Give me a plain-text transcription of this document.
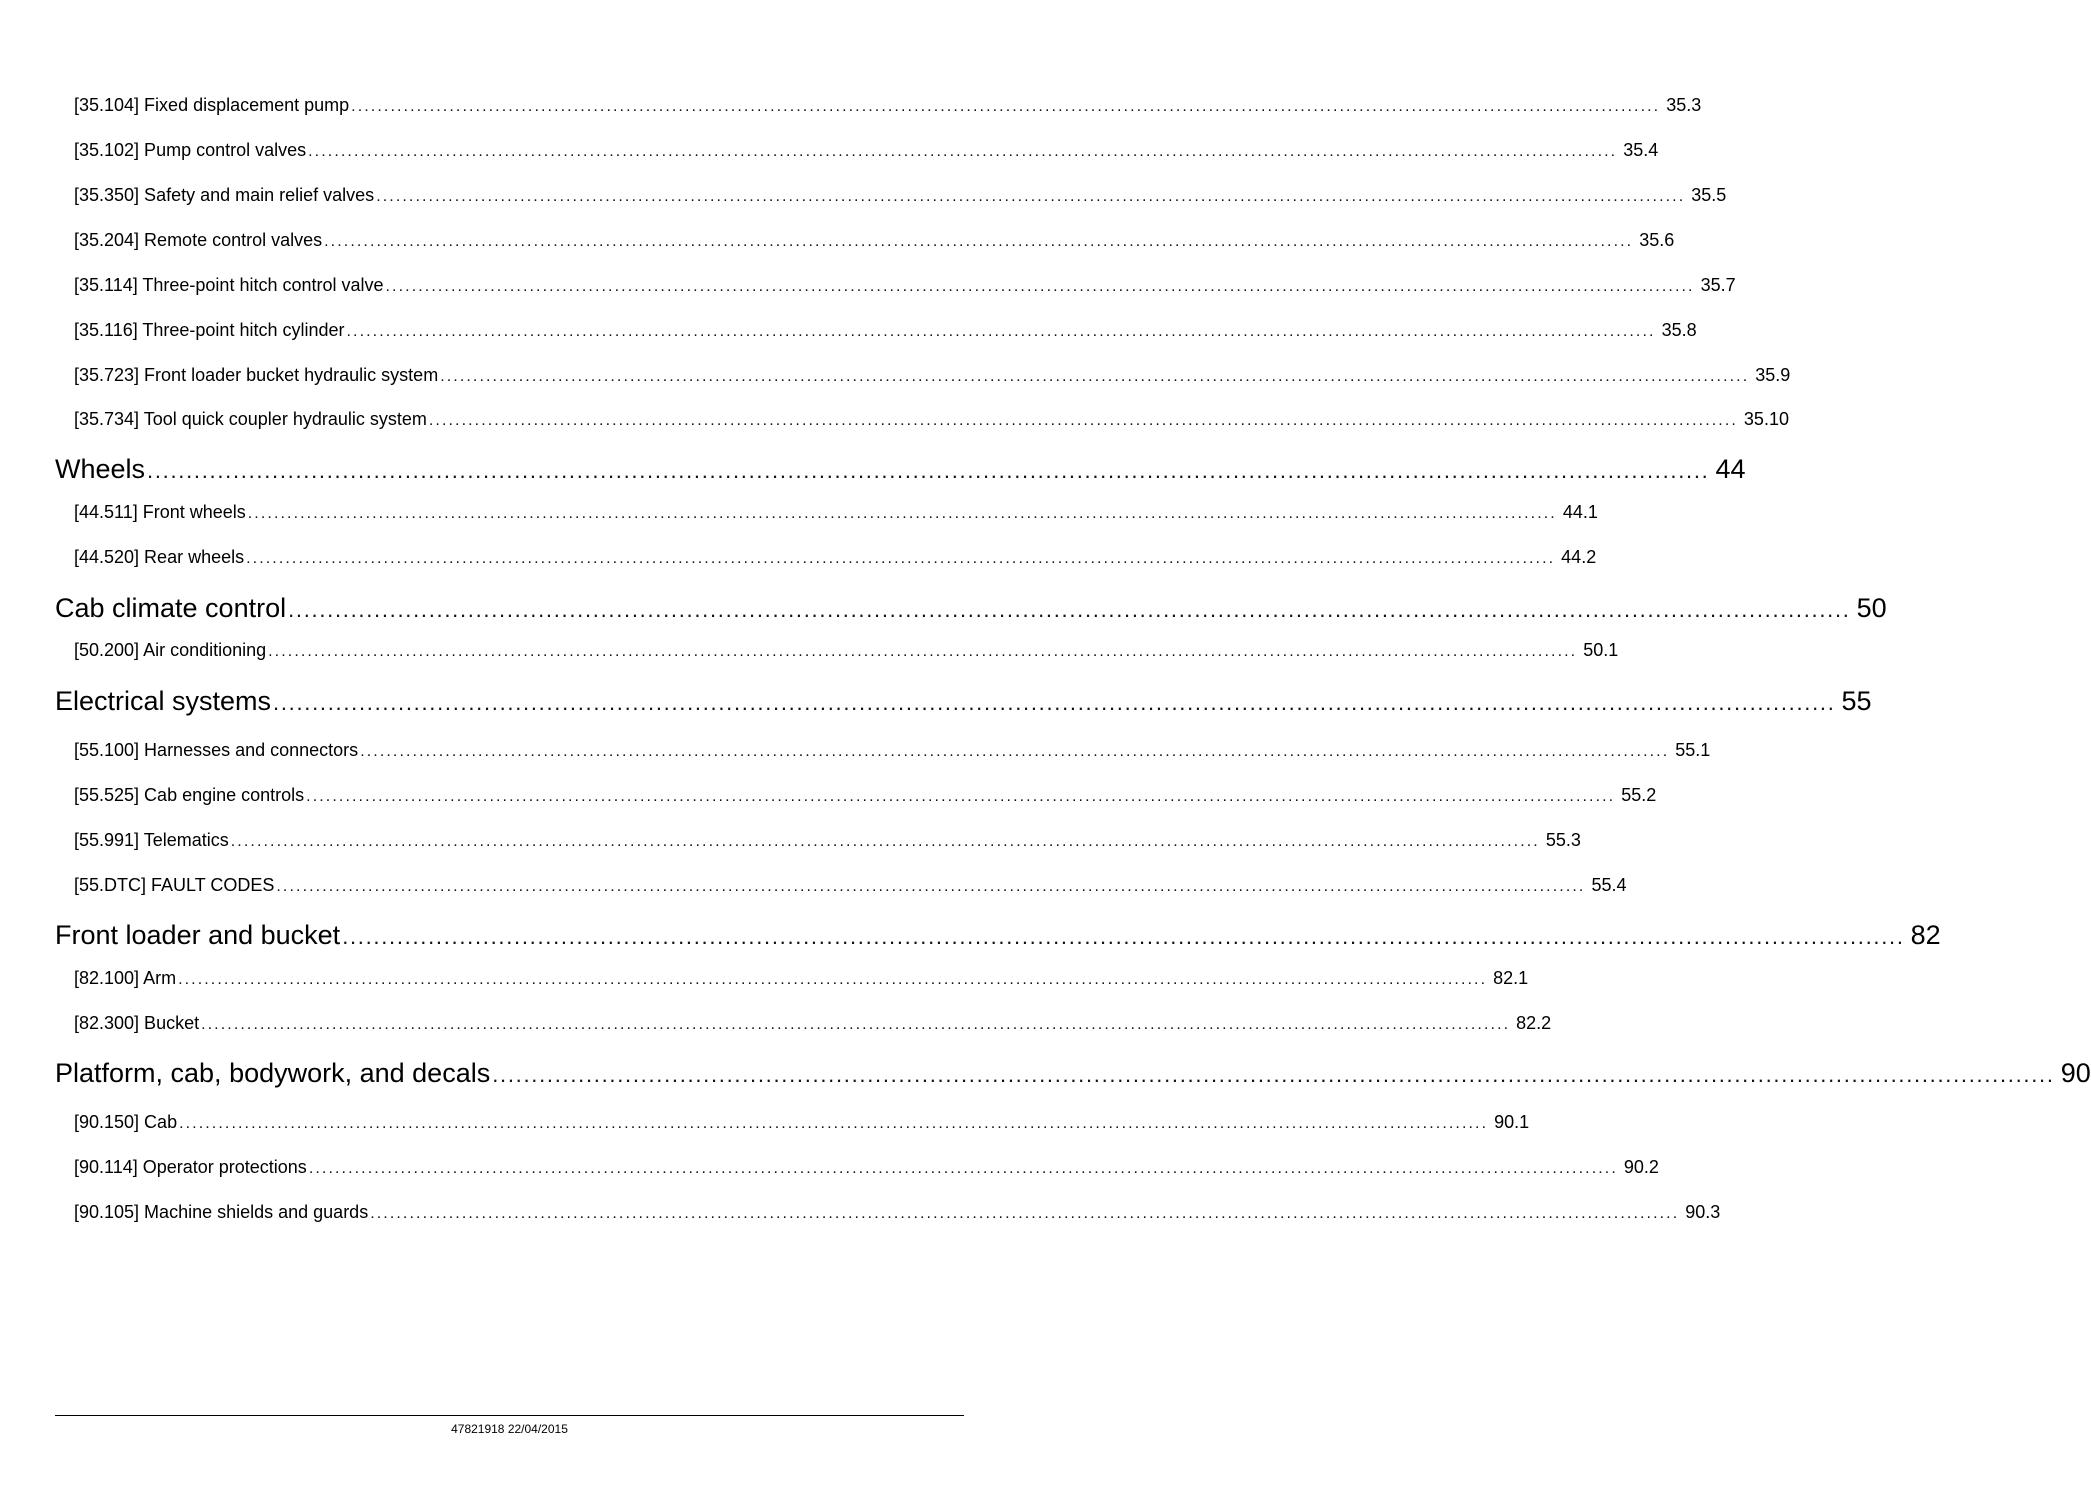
[35.104] Fixed displacement pump ........................................................................................................................................................................................................ 35.3
[35.102] Pump control valves ........................................................................................................................................................................................................ 35.4
[35.350] Safety and main relief valves ........................................................................................................................................................................................................ 35.5
[35.204] Remote control valves ........................................................................................................................................................................................................ 35.6
[35.114] Three-point hitch control valve ........................................................................................................................................................................................................ 35.7
[35.116] Three-point hitch cylinder ........................................................................................................................................................................................................ 35.8
[35.723] Front loader bucket hydraulic system ........................................................................................................................................................................................................ 35.9
[35.734] Tool quick coupler hydraulic system ........................................................................................................................................................................................................ 35.10
Wheels ........................................................................................................................................................................................................ 44
[44.511] Front wheels ........................................................................................................................................................................................................ 44.1
[44.520] Rear wheels ........................................................................................................................................................................................................ 44.2
Cab climate control ........................................................................................................................................................................................................ 50
[50.200] Air conditioning ........................................................................................................................................................................................................ 50.1
Electrical systems ........................................................................................................................................................................................................ 55
[55.100] Harnesses and connectors ........................................................................................................................................................................................................ 55.1
[55.525] Cab engine controls ........................................................................................................................................................................................................ 55.2
[55.991] Telematics ........................................................................................................................................................................................................ 55.3
[55.DTC] FAULT CODES ........................................................................................................................................................................................................ 55.4
Front loader and bucket ........................................................................................................................................................................................................ 82
[82.100] Arm ........................................................................................................................................................................................................ 82.1
[82.300] Bucket ........................................................................................................................................................................................................ 82.2
Platform, cab, bodywork, and decals ........................................................................................................................................................................................................ 90
[90.150] Cab ........................................................................................................................................................................................................ 90.1
[90.114] Operator protections ........................................................................................................................................................................................................ 90.2
[90.105] Machine shields and guards ........................................................................................................................................................................................................ 90.3
47821918 22/04/2015
